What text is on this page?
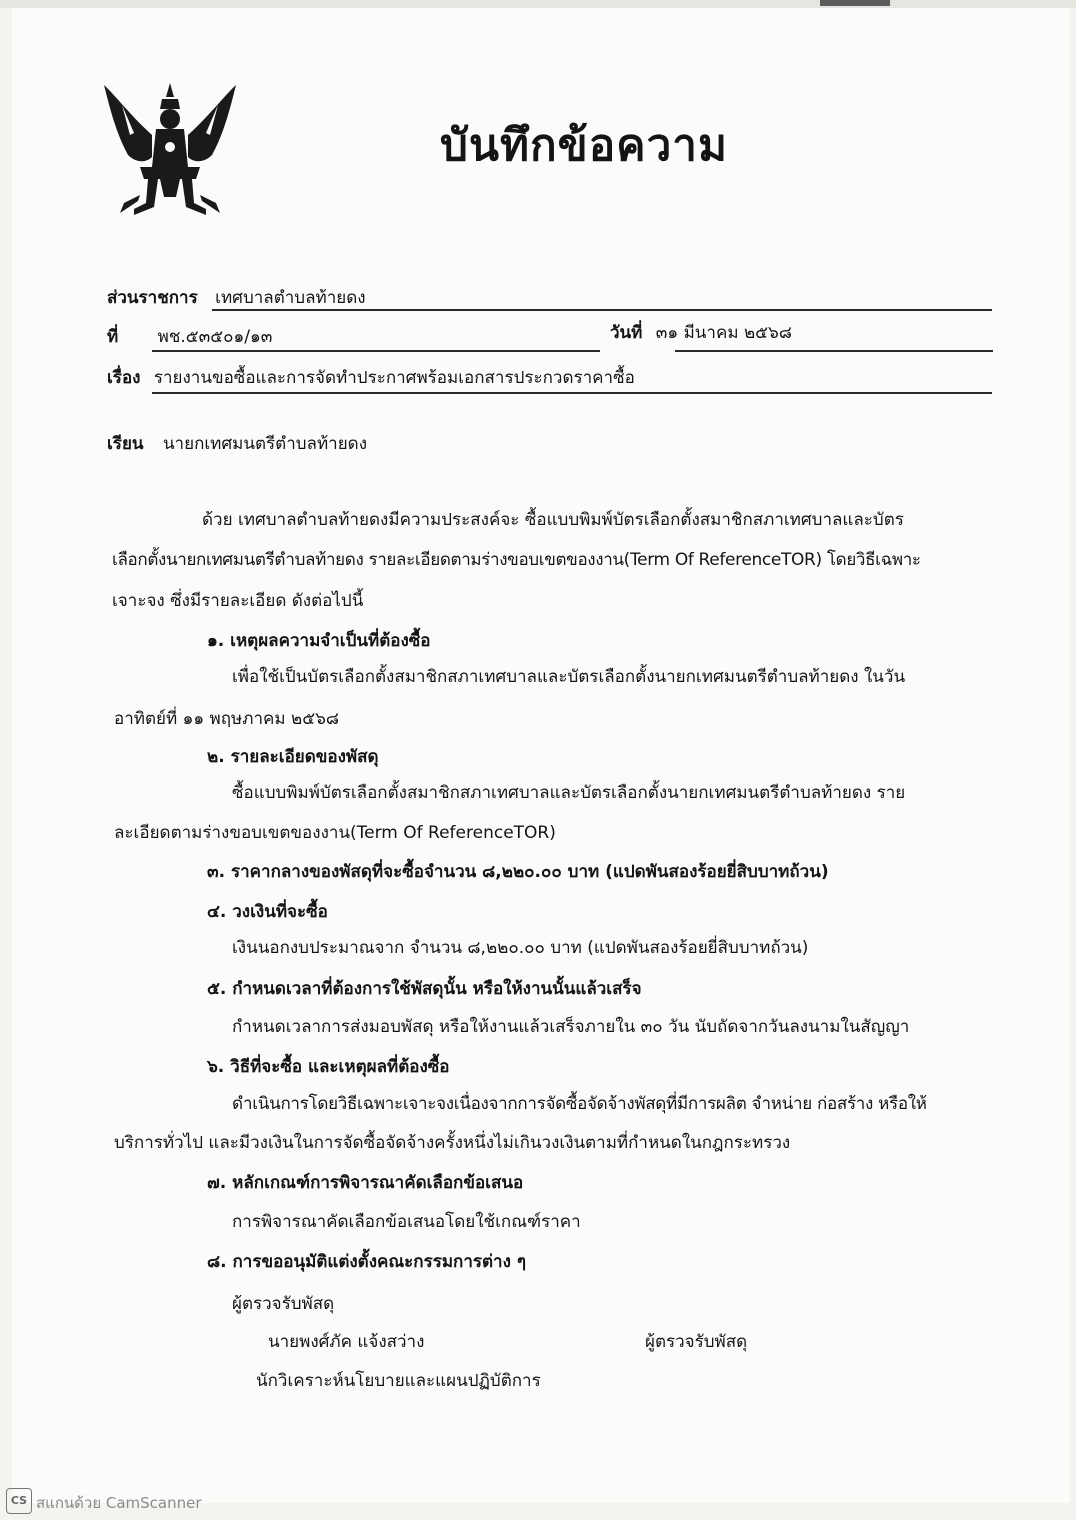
บันทึกข้อความ
ส่วนราชการ เทศบาลตำบลท้ายดง
ที่ พช.๕๓๕๐๑/๑๓	วันที่ ๓๑ มีนาคม ๒๕๖๘
เรื่อง รายงานขอซื้อและการจัดทำประกาศพร้อมเอกสารประกวดราคาซื้อ
เรียน นายกเทศมนตรีตำบลท้ายดง
ด้วย เทศบาลตำบลท้ายดงมีความประสงค์จะ ซื้อแบบพิมพ์บัตรเลือกตั้งสมาชิกสภาเทศบาลและบัตร
เลือกตั้งนายกเทศมนตรีตำบลท้ายดง รายละเอียดตามร่างขอบเขตของงาน(Term Of ReferenceTOR) โดยวิธีเฉพาะ
เจาะจง ซึ่งมีรายละเอียด ดังต่อไปนี้
๑. เหตุผลความจำเป็นที่ต้องซื้อ
เพื่อใช้เป็นบัตรเลือกตั้งสมาชิกสภาเทศบาลและบัตรเลือกตั้งนายกเทศมนตรีตำบลท้ายดง ในวัน
อาทิตย์ที่ ๑๑ พฤษภาคม ๒๕๖๘
๒. รายละเอียดของพัสดุ
ซื้อแบบพิมพ์บัตรเลือกตั้งสมาชิกสภาเทศบาลและบัตรเลือกตั้งนายกเทศมนตรีตำบลท้ายดง ราย
ละเอียดตามร่างขอบเขตของงาน(Term Of ReferenceTOR)
๓. ราคากลางของพัสดุที่จะซื้อจำนวน ๘,๒๒๐.๐๐ บาท (แปดพันสองร้อยยี่สิบบาทถ้วน)
๔. วงเงินที่จะซื้อ
เงินนอกงบประมาณจาก จำนวน ๘,๒๒๐.๐๐ บาท (แปดพันสองร้อยยี่สิบบาทถ้วน)
๕. กำหนดเวลาที่ต้องการใช้พัสดุนั้น หรือให้งานนั้นแล้วเสร็จ
กำหนดเวลาการส่งมอบพัสดุ หรือให้งานแล้วเสร็จภายใน ๓๐ วัน นับถัดจากวันลงนามในสัญญา
๖. วิธีที่จะซื้อ และเหตุผลที่ต้องซื้อ
ดำเนินการโดยวิธีเฉพาะเจาะจงเนื่องจากการจัดซื้อจัดจ้างพัสดุที่มีการผลิต จำหน่าย ก่อสร้าง หรือให้
บริการทั่วไป และมีวงเงินในการจัดซื้อจัดจ้างครั้งหนึ่งไม่เกินวงเงินตามที่กำหนดในกฎกระทรวง
๗. หลักเกณฑ์การพิจารณาคัดเลือกข้อเสนอ
การพิจารณาคัดเลือกข้อเสนอโดยใช้เกณฑ์ราคา
๘. การขออนุมัติแต่งตั้งคณะกรรมการต่าง ๆ
ผู้ตรวจรับพัสดุ
นายพงศ์ภัค แจ้งสว่าง	ผู้ตรวจรับพัสดุ
นักวิเคราะห์นโยบายและแผนปฏิบัติการ
CS สแกนด้วย CamScanner
